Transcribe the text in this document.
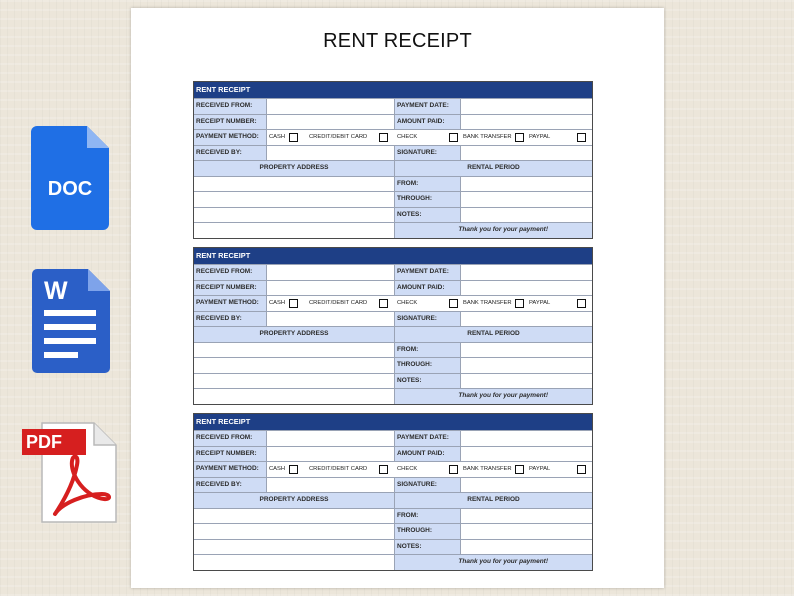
DOC
W
PDF
RENT RECEIPT
RENT RECEIPT
RECEIVED FROM:	PAYMENT DATE:
RECEIPT NUMBER:	AMOUNT PAID:
PAYMENT METHOD:	CASH	CREDIT/DEBIT CARD	CHECK	BANK TRANSFER	PAYPAL
RECEIVED BY:	SIGNATURE:
PROPERTY ADDRESS	RENTAL PERIOD
FROM:
THROUGH:
NOTES:
Thank you for your payment!
RENT RECEIPT
RECEIVED FROM:	PAYMENT DATE:
RECEIPT NUMBER:	AMOUNT PAID:
PAYMENT METHOD:	CASH	CREDIT/DEBIT CARD	CHECK	BANK TRANSFER	PAYPAL
RECEIVED BY:	SIGNATURE:
PROPERTY ADDRESS	RENTAL PERIOD
FROM:
THROUGH:
NOTES:
Thank you for your payment!
RENT RECEIPT
RECEIVED FROM:	PAYMENT DATE:
RECEIPT NUMBER:	AMOUNT PAID:
PAYMENT METHOD:	CASH	CREDIT/DEBIT CARD	CHECK	BANK TRANSFER	PAYPAL
RECEIVED BY:	SIGNATURE:
PROPERTY ADDRESS	RENTAL PERIOD
FROM:
THROUGH:
NOTES:
Thank you for your payment!
